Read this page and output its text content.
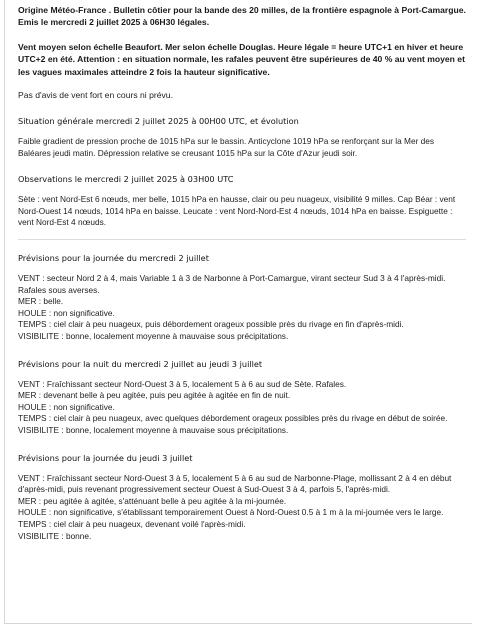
Origine Météo-France . Bulletin côtier pour la bande des 20 milles, de la frontière espagnole à Port-Camargue. Emis le mercredi 2 juillet 2025 à 06H30 légales.
Vent moyen selon échelle Beaufort. Mer selon échelle Douglas. Heure légale = heure UTC+1 en hiver et heure UTC+2 en été. Attention : en situation normale, les rafales peuvent être supérieures de 40 % au vent moyen et les vagues maximales atteindre 2 fois la hauteur significative.
Pas d'avis de vent fort en cours ni prévu.
Situation générale mercredi 2 juillet 2025 à 00H00 UTC, et évolution
Faible gradient de pression proche de 1015 hPa sur le bassin. Anticyclone 1019 hPa se renforçant sur la Mer des Baléares jeudi matin. Dépression relative se creusant 1015 hPa sur la Côte d'Azur jeudi soir.
Observations le mercredi 2 juillet 2025 à 03H00 UTC
Sète : vent Nord-Est 6 nœuds, mer belle, 1015 hPa en hausse, clair ou peu nuageux, visibilité 9 milles. Cap Béar : vent Nord-Ouest 14 nœuds, 1014 hPa en baisse. Leucate : vent Nord-Nord-Est 4 nœuds, 1014 hPa en baisse. Espiguette : vent Nord-Est 4 nœuds.
Prévisions pour la journée du mercredi 2 juillet
VENT : secteur Nord 2 à 4, mais Variable 1 à 3 de Narbonne à Port-Camargue, virant secteur Sud 3 à 4 l'après-midi. Rafales sous averses.
MER : belle.
HOULE : non significative.
TEMPS : ciel clair à peu nuageux, puis débordement orageux possible près du rivage en fin d'après-midi.
VISIBILITE : bonne, localement moyenne à mauvaise sous précipitations.
Prévisions pour la nuit du mercredi 2 juillet au jeudi 3 juillet
VENT : Fraîchissant secteur Nord-Ouest 3 à 5, localement 5 à 6 au sud de Sète. Rafales.
MER : devenant belle à peu agitée, puis peu agitée à agitée en fin de nuit.
HOULE : non significative.
TEMPS : ciel clair à peu nuageux, avec quelques débordement orageux possibles près du rivage en début de soirée.
VISIBILITE : bonne, localement moyenne à mauvaise sous précipitations.
Prévisions pour la journée du jeudi 3 juillet
VENT : Fraîchissant secteur Nord-Ouest 3 à 5, localement 5 à 6 au sud de Narbonne-Plage, mollissant 2 à 4 en début d'après-midi, puis revenant progressivement secteur Ouest à Sud-Ouest 3 à 4, parfois 5, l'après-midi.
MER : peu agitée à agitée, s'atténuant belle à peu agitée à la mi-journée.
HOULE : non significative, s'établissant temporairement Ouest à Nord-Ouest 0.5 à 1 m à la mi-journée vers le large.
TEMPS : ciel clair à peu nuageux, devenant voilé l'après-midi.
VISIBILITE : bonne.
